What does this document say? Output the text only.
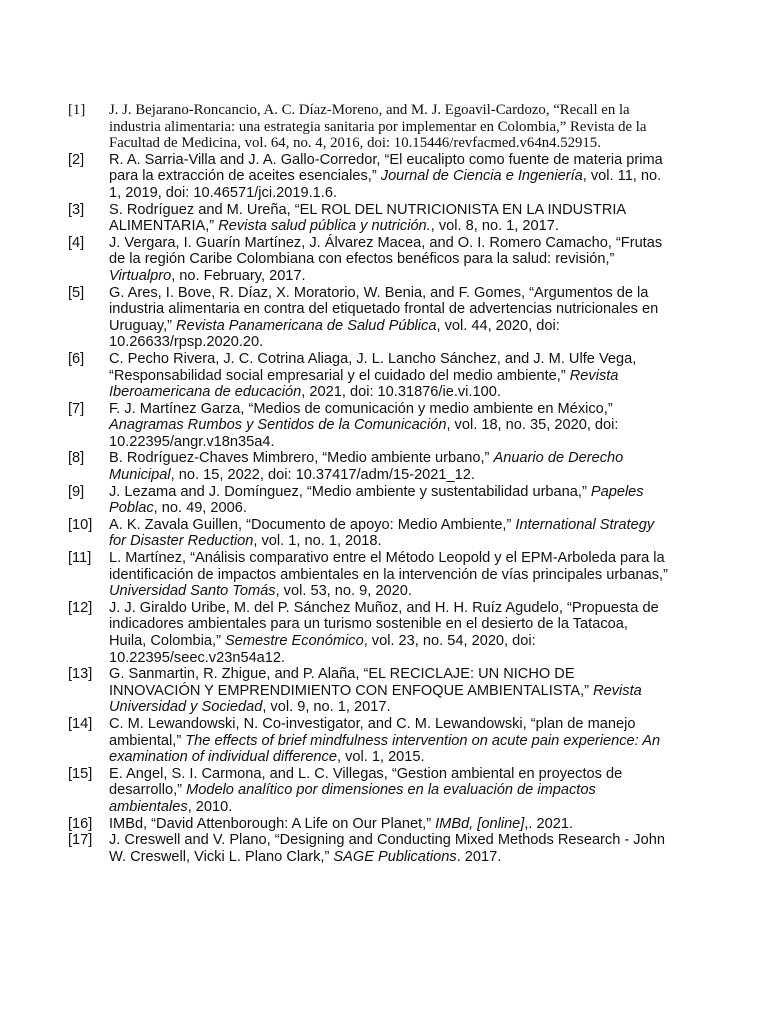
[1]	J. J. Bejarano-Roncancio, A. C. Díaz-Moreno, and M. J. Egoavil-Cardozo, “Recall en la industria alimentaria: una estrategia sanitaria por implementar en Colombia,” Revista de la Facultad de Medicina, vol. 64, no. 4, 2016, doi: 10.15446/revfacmed.v64n4.52915.
[2]	R. A. Sarria-Villa and J. A. Gallo-Corredor, “El eucalipto como fuente de materia prima para la extracción de aceites esenciales,” Journal de Ciencia e Ingeniería, vol. 11, no. 1, 2019, doi: 10.46571/jci.2019.1.6.
[3]	S. Rodríguez and M. Ureña, “EL ROL DEL NUTRICIONISTA EN LA INDUSTRIA ALIMENTARIA,” Revista salud pública y nutrición., vol. 8, no. 1, 2017.
[4]	J. Vergara, I. Guarín Martínez, J. Álvarez Macea, and O. I. Romero Camacho, “Frutas de la región Caribe Colombiana con efectos benéficos para la salud: revisión,” Virtualpro, no. February, 2017.
[5]	G. Ares, I. Bove, R. Díaz, X. Moratorio, W. Benia, and F. Gomes, “Argumentos de la industria alimentaria en contra del etiquetado frontal de advertencias nutricionales en Uruguay,” Revista Panamericana de Salud Pública, vol. 44, 2020, doi: 10.26633/rpsp.2020.20.
[6]	C. Pecho Rivera, J. C. Cotrina Aliaga, J. L. Lancho Sánchez, and J. M. Ulfe Vega, “Responsabilidad social empresarial y el cuidado del medio ambiente,” Revista Iberoamericana de educación, 2021, doi: 10.31876/ie.vi.100.
[7]	F. J. Martínez Garza, “Medios de comunicación y medio ambiente en México,” Anagramas Rumbos y Sentidos de la Comunicación, vol. 18, no. 35, 2020, doi: 10.22395/angr.v18n35a4.
[8]	B. Rodríguez-Chaves Mimbrero, “Medio ambiente urbano,” Anuario de Derecho Municipal, no. 15, 2022, doi: 10.37417/adm/15-2021_12.
[9]	J. Lezama and J. Domínguez, “Medio ambiente y sustentabilidad urbana,” Papeles Poblac, no. 49, 2006.
[10]	A. K. Zavala Guillen, “Documento de apoyo: Medio Ambiente,” International Strategy for Disaster Reduction, vol. 1, no. 1, 2018.
[11]	L. Martínez, “Análisis comparativo entre el Método Leopold y el EPM-Arboleda para la identificación de impactos ambientales en la intervención de vías principales urbanas,” Universidad Santo Tomás, vol. 53, no. 9, 2020.
[12]	J. J. Giraldo Uribe, M. del P. Sánchez Muñoz, and H. H. Ruíz Agudelo, “Propuesta de indicadores ambientales para un turismo sostenible en el desierto de la Tatacoa, Huila, Colombia,” Semestre Económico, vol. 23, no. 54, 2020, doi: 10.22395/seec.v23n54a12.
[13]	G. Sanmartin, R. Zhigue, and P. Alaña, “EL RECICLAJE: UN NICHO DE INNOVACIÓN Y EMPRENDIMIENTO CON ENFOQUE AMBIENTALISTA,” Revista Universidad y Sociedad, vol. 9, no. 1, 2017.
[14]	C. M. Lewandowski, N. Co-investigator, and C. M. Lewandowski, “plan de manejo ambiental,” The effects of brief mindfulness intervention on acute pain experience: An examination of individual difference, vol. 1, 2015.
[15]	E. Angel, S. I. Carmona, and L. C. Villegas, “Gestion ambiental en proyectos de desarrollo,” Modelo analítico por dimensiones en la evaluación de impactos ambientales, 2010.
[16]	IMBd, “David Attenborough: A Life on Our Planet,” IMBd, [online],. 2021.
[17]	J. Creswell and V. Plano, “Designing and Conducting Mixed Methods Research - John W. Creswell, Vicki L. Plano Clark,” SAGE Publications. 2017.
